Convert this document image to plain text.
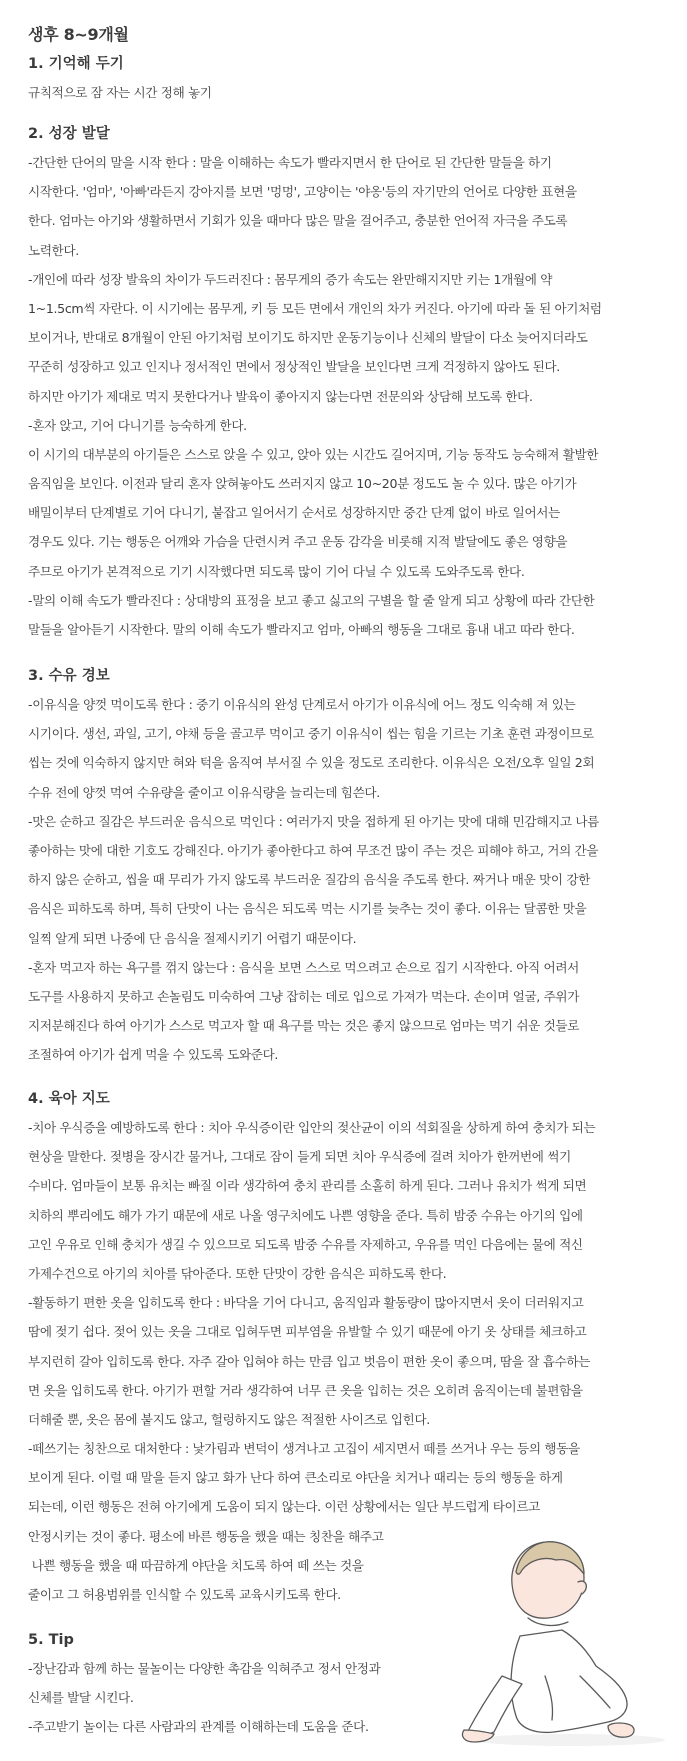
생후 8~9개월
1. 기억해 두기
규칙적으로 잠 자는 시간 정해 놓기
2. 성장 발달
-간단한 단어의 말을 시작 한다 : 말을 이해하는 속도가 빨라지면서 한 단어로 된 간단한 말들을 하기
시작한다. '엄마', '아빠'라든지 강아지를 보면 '멍멍', 고양이는 '야옹'등의 자기만의 언어로 다양한 표현을
한다. 엄마는 아기와 생활하면서 기회가 있을 때마다 많은 말을 걸어주고, 충분한 언어적 자극을 주도록
노력한다.
-개인에 따라 성장 발육의 차이가 두드러진다 : 몸무게의 증가 속도는 완만해지지만 키는 1개월에 약
1~1.5cm씩 자란다. 이 시기에는 몸무게, 키 등 모든 면에서 개인의 차가 커진다. 아기에 따라 돌 된 아기처럼
보이거나, 반대로 8개월이 안된 아기처럼 보이기도 하지만 운동기능이나 신체의 발달이 다소 늦어지더라도
꾸준히 성장하고 있고 인지나 정서적인 면에서 정상적인 발달을 보인다면 크게 걱정하지 않아도 된다.
하지만 아기가 제대로 먹지 못한다거나 발육이 좋아지지 않는다면 전문의와 상담해 보도록 한다.
-혼자 앉고, 기어 다니기를 능숙하게 한다.
이 시기의 대부분의 아기들은 스스로 앉을 수 있고, 앉아 있는 시간도 길어지며, 기능 동작도 능숙해져 활발한
움직임을 보인다. 이전과 달리 혼자 앉혀놓아도 쓰러지지 않고 10~20분 정도도 놀 수 있다. 많은 아기가
배밀이부터 단계별로 기어 다니기, 붙잡고 일어서기 순서로 성장하지만 중간 단계 없이 바로 일어서는
경우도 있다. 기는 행동은 어깨와 가슴을 단련시켜 주고 운동 감각을 비롯해 지적 발달에도 좋은 영향을
주므로 아기가 본격적으로 기기 시작했다면 되도록 많이 기어 다닐 수 있도록 도와주도록 한다.
-말의 이해 속도가 빨라진다 : 상대방의 표정을 보고 좋고 싫고의 구별을 할 줄 알게 되고 상황에 따라 간단한
말들을 알아듣기 시작한다. 말의 이해 속도가 빨라지고 엄마, 아빠의 행동을 그대로 흉내 내고 따라 한다.
3. 수유 경보
-이유식을 양껏 먹이도록 한다 : 중기 이유식의 완성 단계로서 아기가 이유식에 어느 정도 익숙해 져 있는
시기이다. 생선, 과일, 고기, 야채 등을 골고루 먹이고 중기 이유식이 씹는 힘을 기르는 기초 훈련 과정이므로
씹는 것에 익숙하지 않지만 혀와 턱을 움직여 부서질 수 있을 정도로 조리한다. 이유식은 오전/오후 일일 2회
수유 전에 양껏 먹여 수유량을 줄이고 이유식량을 늘리는데 힘쓴다.
-맛은 순하고 질감은 부드러운 음식으로 먹인다 : 여러가지 맛을 접하게 된 아기는 맛에 대해 민감해지고 나름
좋아하는 맛에 대한 기호도 강해진다. 아기가 좋아한다고 하여 무조건 많이 주는 것은 피해야 하고, 거의 간을
하지 않은 순하고, 씹을 때 무리가 가지 않도록 부드러운 질감의 음식을 주도록 한다. 짜거나 매운 맛이 강한
음식은 피하도록 하며, 특히 단맛이 나는 음식은 되도록 먹는 시기를 늦추는 것이 좋다. 이유는 달콤한 맛을
일찍 알게 되면 나중에 단 음식을 절제시키기 어렵기 때문이다.
-혼자 먹고자 하는 욕구를 꺾지 않는다 : 음식을 보면 스스로 먹으려고 손으로 집기 시작한다. 아직 어려서
도구를 사용하지 못하고 손놀림도 미숙하여 그냥 잡히는 데로 입으로 가져가 먹는다. 손이며 얼굴, 주위가
지저분해진다 하여 아기가 스스로 먹고자 할 때 욕구를 막는 것은 좋지 않으므로 엄마는 먹기 쉬운 것들로
조절하여 아기가 쉽게 먹을 수 있도록 도와준다.
4. 육아 지도
-치아 우식증을 예방하도록 한다 : 치아 우식증이란 입안의 젖산균이 이의 석회질을 상하게 하여 충치가 되는
현상을 말한다. 젖병을 장시간 물거나, 그대로 잠이 들게 되면 치아 우식증에 걸려 치아가 한꺼번에 썩기
수비다. 엄마들이 보통 유치는 빠질 이라 생각하여 충치 관리를 소홀히 하게 된다. 그러나 유치가 썩게 되면
치하의 뿌리에도 해가 가기 때문에 새로 나올 영구치에도 나쁜 영향을 준다. 특히 밤중 수유는 아기의 입에
고인 우유로 인해 충치가 생길 수 있으므로 되도록 밤중 수유를 자제하고, 우유를 먹인 다음에는 물에 적신
가제수건으로 아기의 치아를 닦아준다. 또한 단맛이 강한 음식은 피하도록 한다.
-활동하기 편한 옷을 입히도록 한다 : 바닥을 기어 다니고, 움직임과 활동량이 많아지면서 옷이 더러워지고
땀에 젖기 쉽다. 젖어 있는 옷을 그대로 입혀두면 피부염을 유발할 수 있기 때문에 아기 옷 상태를 체크하고
부지런히 갈아 입히도록 한다. 자주 갈아 입혀야 하는 만큼 입고 벗음이 편한 옷이 좋으며, 땀을 잘 흡수하는
면 옷을 입히도록 한다. 아기가 편할 거라 생각하여 너무 큰 옷을 입히는 것은 오히려 움직이는데 불편함을
더해줄 뿐, 옷은 몸에 붙지도 않고, 헐렁하지도 않은 적절한 사이즈로 입힌다.
-떼쓰기는 칭찬으로 대처한다 : 낯가림과 변덕이 생겨나고 고집이 세지면서 떼를 쓰거나 우는 등의 행동을
보이게 된다. 이럴 때 말을 듣지 않고 화가 난다 하여 큰소리로 야단을 치거나 때리는 등의 행동을 하게
되는데, 이런 행동은 전혀 아기에게 도움이 되지 않는다. 이런 상황에서는 일단 부드럽게 타이르고
안정시키는 것이 좋다. 평소에 바른 행동을 했을 때는 칭찬을 해주고
나쁜 행동을 했을 때 따끔하게 야단을 치도록 하여 떼 쓰는 것을
줄이고 그 허용범위를 인식할 수 있도록 교육시키도록 한다.
5. Tip
-장난감과 함께 하는 물놀이는 다양한 촉감을 익혀주고 정서 안정과
신체를 발달 시킨다.
-주고받기 놀이는 다른 사람과의 관계를 이해하는데 도움을 준다.
